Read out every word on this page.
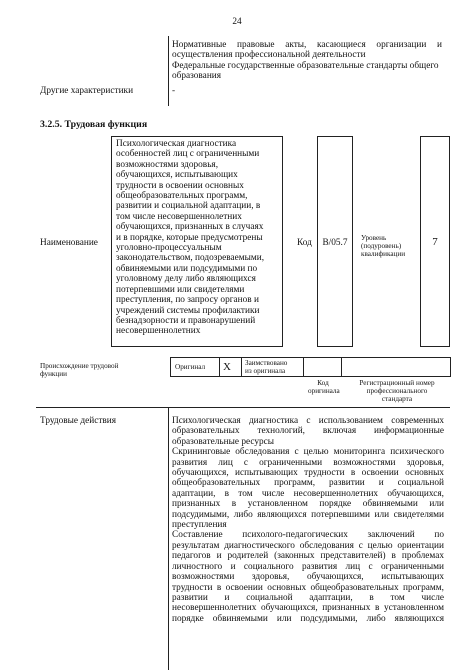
24
Нормативные правовые акты, касающиеся организации и
осуществления профессиональной деятельности
Федеральные государственные образовательные стандарты общего
образования
Другие характеристики	-
3.2.5. Трудовая функция
Наименование
Психологическая диагностика
особенностей лиц с ограниченными
возможностями здоровья,
обучающихся, испытывающих
трудности в освоении основных
общеобразовательных программ,
развитии и социальной адаптации, в
том числе несовершеннолетних
обучающихся, признанных в случаях
и в порядке, которые предусмотрены
уголовно-процессуальным
законодательством, подозреваемыми,
обвиняемыми или подсудимыми по
уголовному делу либо являющихся
потерпевшими или свидетелями
преступления, по запросу органов и
учреждений системы профилактики
безнадзорности и правонарушений
несовершеннолетних
Код	B/05.7	Уровень
(подуровень)
квалификации
7
Происхождение трудовой
функции
Оригинал X Заимствовано
из оригинала
Код
оригинала
Регистрационный номер
профессионального
стандарта
Трудовые действия	Психологическая диагностика с использованием современных
образовательных технологий, включая информационные
образовательные ресурсы
Скрининговые обследования с целью мониторинга психического
развития лиц с ограниченными возможностями здоровья,
обучающихся, испытывающих трудности в освоении основных
общеобразовательных программ, развитии и социальной
адаптации, в том числе несовершеннолетних обучающихся,
признанных в установленном порядке обвиняемыми или
подсудимыми, либо являющихся потерпевшими или свидетелями
преступления
Составление психолого-педагогических заключений по
результатам диагностического обследования с целью ориентации
педагогов и родителей (законных представителей) в проблемах
личностного и социального развития лиц с ограниченными
возможностями здоровья, обучающихся, испытывающих
трудности в освоении основных общеобразовательных программ,
развитии и социальной адаптации, в том числе
несовершеннолетних обучающихся, признанных в установленном
порядке обвиняемыми или подсудимыми, либо являющихся
